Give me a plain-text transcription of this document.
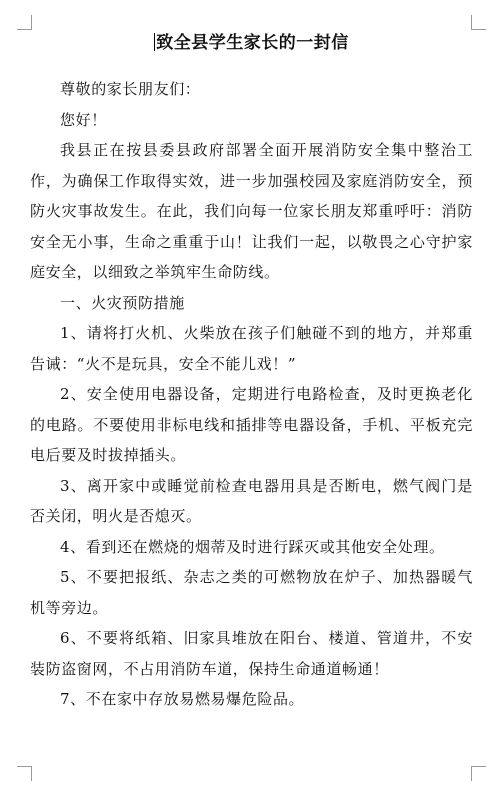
致全县学生家长的一封信

尊敬的家长朋友们：

您好！

我县正在按县委县政府部署全面开展消防安全集中整治工作，为确保工作取得实效，进一步加强校园及家庭消防安全，预防火灾事故发生。在此，我们向每一位家长朋友郑重呼吁：消防安全无小事，生命之重重于山！让我们一起，以敬畏之心守护家庭安全，以细致之举筑牢生命防线。

一、火灾预防措施

1、请将打火机、火柴放在孩子们触碰不到的地方，并郑重告诫：“火不是玩具，安全不能儿戏！”

2、安全使用电器设备，定期进行电路检查，及时更换老化的电路。不要使用非标电线和插排等电器设备，手机、平板充完电后要及时拔掉插头。

3、离开家中或睡觉前检查电器用具是否断电，燃气阀门是否关闭，明火是否熄灭。

4、看到还在燃烧的烟蒂及时进行踩灭或其他安全处理。

5、不要把报纸、杂志之类的可燃物放在炉子、加热器暖气机等旁边。

6、不要将纸箱、旧家具堆放在阳台、楼道、管道井，不安装防盗窗网，不占用消防车道，保持生命通道畅通！

7、不在家中存放易燃易爆危险品。
